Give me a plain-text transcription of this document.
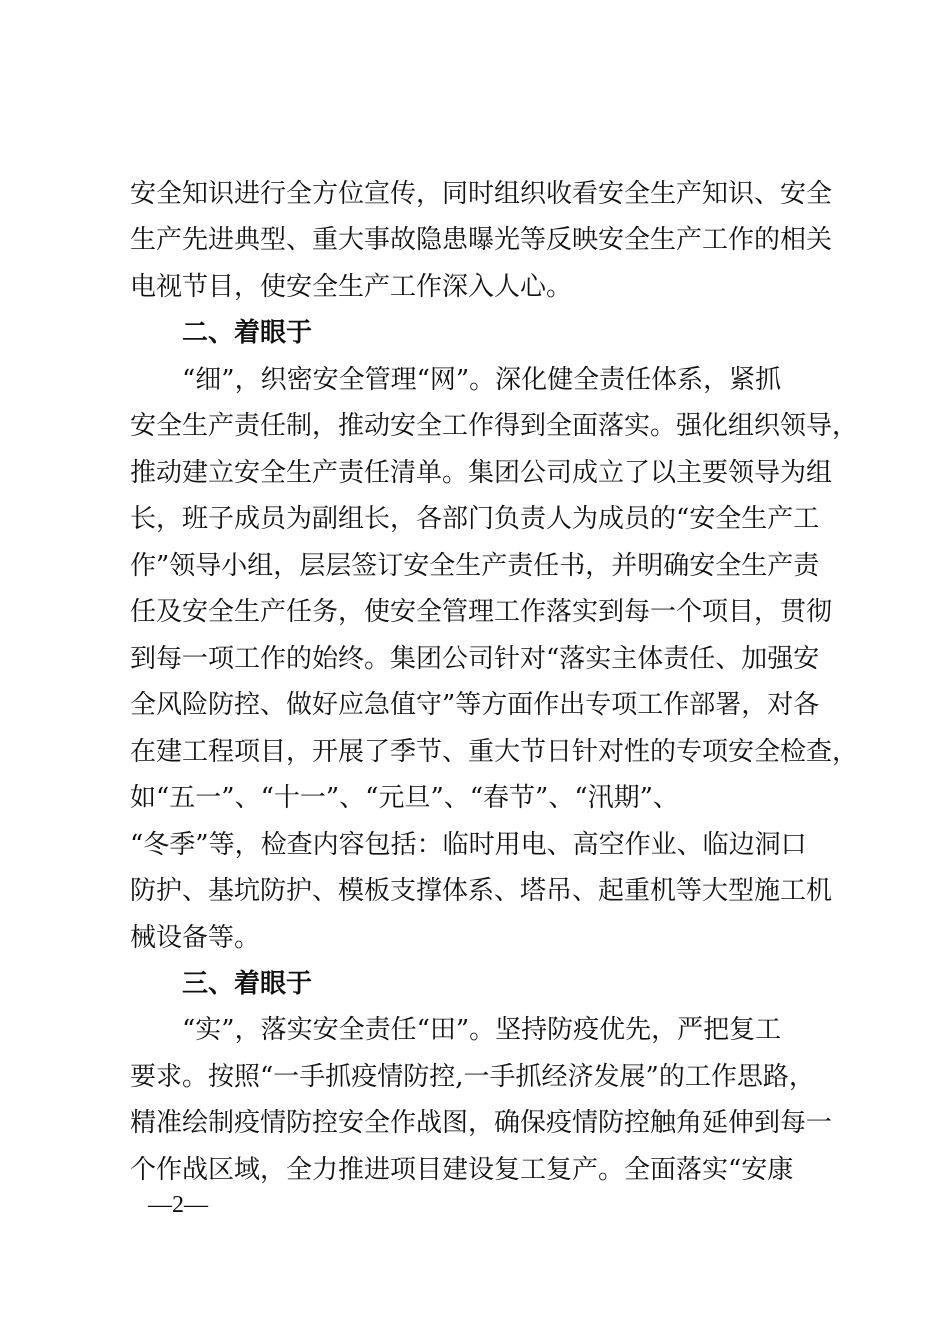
安全知识进行全方位宣传，同时组织收看安全生产知识、安全
生产先进典型、重大事故隐患曝光等反映安全生产工作的相关
电视节目，使安全生产工作深入人心。
二、着眼于
“细”，织密安全管理“网”。深化健全责任体系，紧抓
安全生产责任制，推动安全工作得到全面落实。强化组织领导，
推动建立安全生产责任清单。集团公司成立了以主要领导为组
长，班子成员为副组长，各部门负责人为成员的“安全生产工
作”领导小组，层层签订安全生产责任书，并明确安全生产责
任及安全生产任务，使安全管理工作落实到每一个项目，贯彻
到每一项工作的始终。集团公司针对“落实主体责任、加强安
全风险防控、做好应急值守”等方面作出专项工作部署，对各
在建工程项目，开展了季节、重大节日针对性的专项安全检查，
如“五一”、“十一”、“元旦”、“春节”、“汛期”、
“冬季”等，检查内容包括：临时用电、高空作业、临边洞口
防护、基坑防护、模板支撑体系、塔吊、起重机等大型施工机
械设备等。
三、着眼于
“实”，落实安全责任“田”。坚持防疫优先，严把复工
要求。按照“一手抓疫情防控,一手抓经济发展”的工作思路，
精准绘制疫情防控安全作战图，确保疫情防控触角延伸到每一
个作战区域，全力推进项目建设复工复产。全面落实“安康
—2—
